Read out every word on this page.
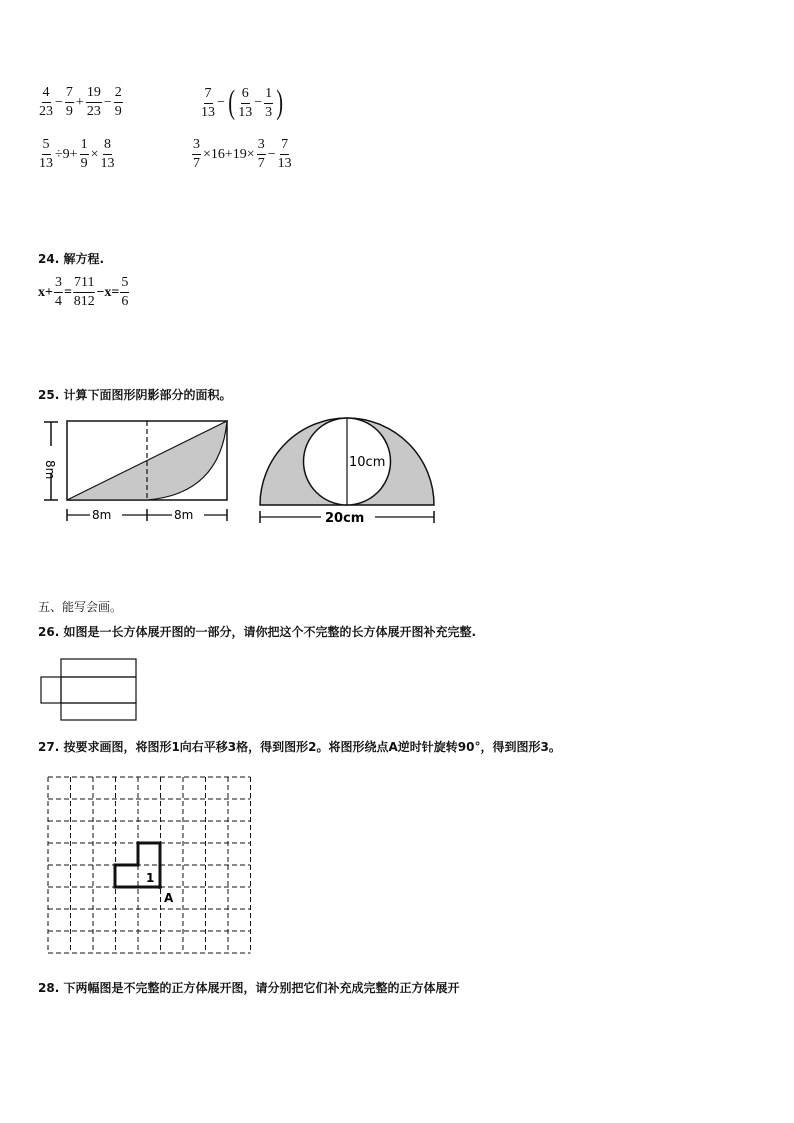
$\frac{4}{23} - \frac{7}{9} + \frac{19}{23} - \frac{2}{9}$	$\frac{7}{13}$ − ( $\frac{6}{13} - \frac{1}{3}$ )
$\frac{5}{13} \div 9+ \frac{1}{9} \times \frac{8}{13}$	$\frac{3}{7} \times 16+19\times \frac{3}{7} - \frac{7}{13}$
24. 解方程.
$x+ \frac{3}{4} = \frac{711}{812} -x= \frac{5}{6}$
25. 计算下面图形阴影部分的面积。
8m
8m	8m
10cm
20cm
五、能写会画。
26. 如图是一长方体展开图的一部分，请你把这个不完整的长方体展开图补充完整.
27. 按要求画图，将图形1向右平移3格，得到图形2。将图形绕点A逆时针旋转90°，得到图形3。
1
A
28. 下两幅图是不完整的正方体展开图，请分别把它们补充成完整的正方体展开
